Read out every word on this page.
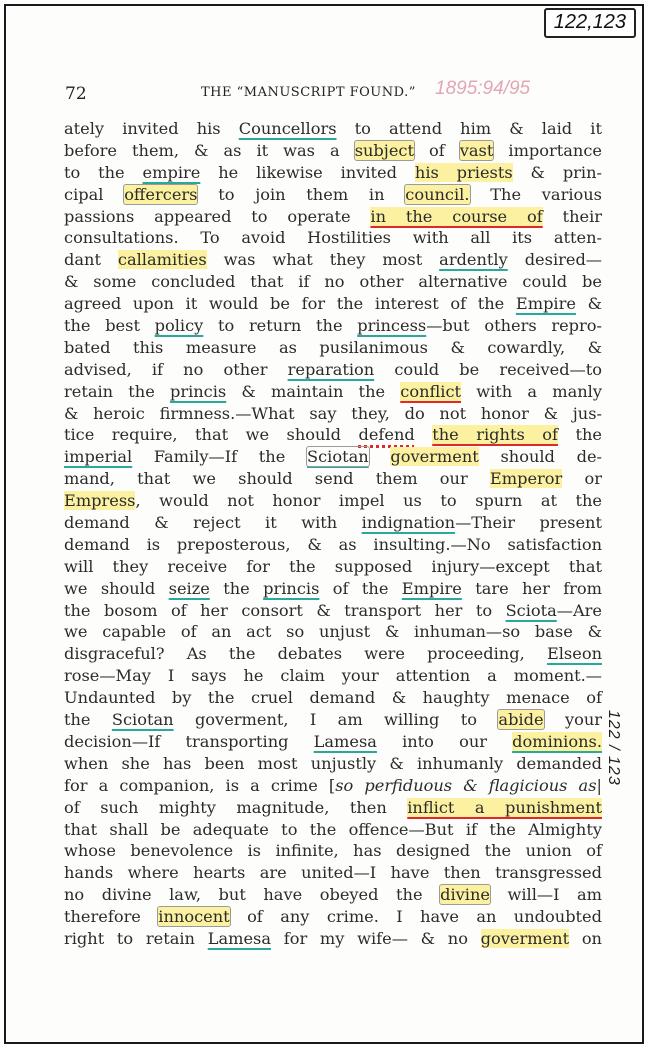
122,123
72	THE “MANUSCRIPT FOUND.” 1895:94/95
ately invited his Councellors to attend him & laid it
before them, & as it was a subject of vast importance
to the empire he likewise invited his priests & prin-
cipal offercers to join them in council. The various
passions appeared to operate in the course of their
consultations. To avoid Hostilities with all its atten-
dant callamities was what they most ardently desired—
& some concluded that if no other alternative could be
agreed upon it would be for the interest of the Empire &
the best policy to return the princess—but others repro-
bated this measure as pusilanimous & cowardly, &
advised, if no other reparation could be received—to
retain the princis & maintain the conflict with a manly
& heroic firmness.—What say they, do not honor & jus-
tice require, that we should defend the rights of the
imperial Family—If the Sciotan goverment should de-
mand, that we should send them our Emperor or
Empress, would not honor impel us to spurn at the
demand & reject it with indignation—Their present
demand is preposterous, & as insulting.—No satisfaction
will they receive for the supposed injury—except that
we should seize the princis of the Empire tare her from
the bosom of her consort & transport her to Sciota—Are
we capable of an act so unjust & inhuman—so base &
disgraceful? As the debates were proceeding, Elseon
rose—May I says he claim your attention a moment.—
Undaunted by the cruel demand & haughty menace of
the Sciotan goverment, I am willing to abide your
decision—If transporting Lamesa into our dominions.
when she has been most unjustly & inhumanly demanded
for a companion, is a crime [so perfiduous & flagicious as|
of such mighty magnitude, then inflict a punishment
that shall be adequate to the offence—But if the Almighty
whose benevolence is infinite, has designed the union of
hands where hearts are united—I have then transgressed
no divine law, but have obeyed the divine will—I am
therefore innocent of any crime. I have an undoubted
right to retain Lamesa for my wife— & no goverment on
122 / 123
